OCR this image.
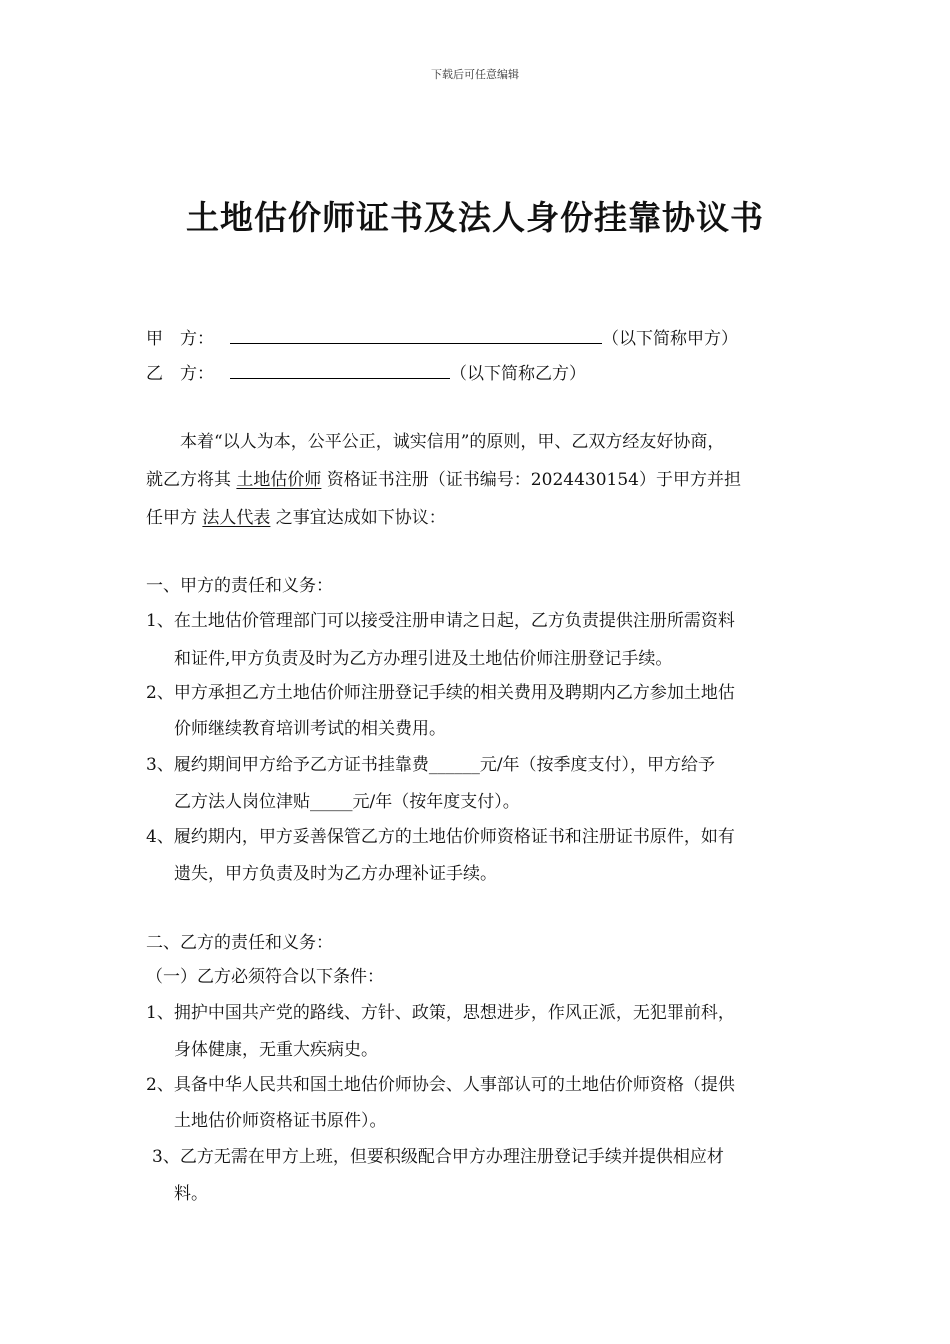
下载后可任意编辑
土地估价师证书及法人身份挂靠协议书
甲　方：	（以下简称甲方）
乙　方：	（以下简称乙方）
本着“以人为本，公平公正，诚实信用”的原则，甲、乙双方经友好协商，
就乙方将其 土地估价师 资格证书注册（证书编号：2024430154）于甲方并担
任甲方 法人代表 之事宜达成如下协议：
一、甲方的责任和义务：
1、在土地估价管理部门可以接受注册申请之日起，乙方负责提供注册所需资料
和证件,甲方负责及时为乙方办理引进及土地估价师注册登记手续。
2、甲方承担乙方土地估价师注册登记手续的相关费用及聘期内乙方参加土地估
价师继续教育培训考试的相关费用。
3、履约期间甲方给予乙方证书挂靠费______元/年（按季度支付），甲方给予
乙方法人岗位津贴_____元/年（按年度支付）。
4、履约期内，甲方妥善保管乙方的土地估价师资格证书和注册证书原件，如有
遗失，甲方负责及时为乙方办理补证手续。
二、乙方的责任和义务：
（一）乙方必须符合以下条件：
1、拥护中国共产党的路线、方针、政策，思想进步，作风正派，无犯罪前科，
身体健康，无重大疾病史。
2、具备中华人民共和国土地估价师协会、人事部认可的土地估价师资格（提供
土地估价师资格证书原件）。
3、乙方无需在甲方上班，但要积级配合甲方办理注册登记手续并提供相应材
料。
